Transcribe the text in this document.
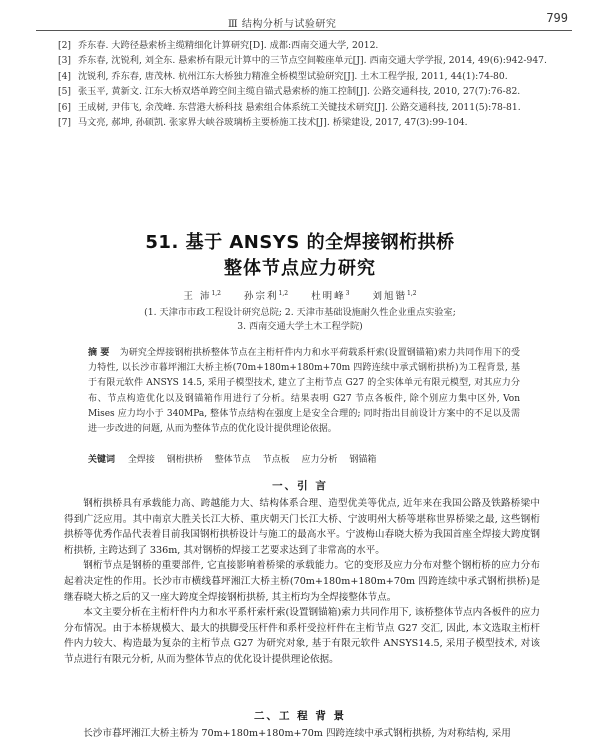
Ⅲ 结构分析与试验研究	799
[2] 乔东春. 大跨径悬索桥主缆精细化计算研究[D]. 成都:西南交通大学, 2012.
[3] 乔东春, 沈锐利, 刘全东. 悬索桥有限元计算中的三节点空间鞍座单元[J]. 西南交通大学学报, 2014, 49(6):942-947.
[4] 沈锐利, 乔东春, 唐茂林. 杭州江东大桥独力精准全桥模型试验研究[J]. 土木工程学报, 2011, 44(1):74-80.
[5] 张玉平, 黄新文. 江东大桥双塔单跨空间主缆自锚式悬索桥的施工控制[J]. 公路交通科技, 2010, 27(7):76-82.
[6] 王成树, 尹伟飞, 余茂峰. 东营港大桥科技 悬索组合体系统工关键技术研究[J]. 公路交通科技, 2011(5):78-81.
[7] 马文亮, 郝坤, 孙硕凯. 张家界大峡谷玻璃桥主要桥施工技术[J]. 桥梁建设, 2017, 47(3):99-104.
51. 基于 ANSYS 的全焊接钢桁拱桥
整体节点应力研究
王 沛$^{1,2}$ 孙宗利$^{1,2}$ 杜明峰$^3$ 刘旭锴$^{1,2}$
(1. 天津市市政工程设计研究总院; 2. 天津市基础设施耐久性企业重点实验室;
3. 西南交通大学土木工程学院)
摘 要 为研究全焊接钢桁拱桥整体节点在主桁杆件内力和水平荷载系杆索(设置钢锚箱)索力共同作用下的受力特性, 以长沙市暮坪湘江大桥主桥(70m+180m+180m+70m 四跨连续中承式钢桁拱桥)为工程背景, 基于有限元软件 ANSYS 14.5, 采用子模型技术, 建立了主桁节点 G27 的全实体单元有限元模型, 对其应力分布、节点构造优化以及钢锚箱作用进行了分析。结果表明 G27 节点各板件, 除个别应力集中区外, Von Mises 应力均小于 340MPa, 整体节点结构在强度上是安全合理的; 同时指出目前设计方案中的不足以及需进一步改进的问题, 从而为整体节点的优化设计提供理论依据。
关键词 全焊接 钢桁拱桥 整体节点 节点板 应力分析 钢锚箱
一、引 言

钢桁拱桥具有承载能力高、跨越能力大、结构体系合理、造型优美等优点, 近年来在我国公路及铁路桥梁中得到广泛应用。其中南京大胜关长江大桥、重庆朝天门长江大桥、宁波明州大桥等堪称世界桥梁之最, 这些钢桁拱桥等优秀作品代表着目前我国钢桁拱桥设计与施工的最高水平。宁波梅山春晓大桥为我国首座全焊接大跨度钢桁拱桥, 主跨达到了 336m, 其对钢桥的焊接工艺要求达到了非常高的水平。

钢桁节点是钢桥的重要部件, 它直接影响着桥梁的承载能力。它的变形及应力分布对整个钢桁桥的应力分布起着决定性的作用。长沙市市横线暮坪湘江大桥主桥(70m+180m+180m+70m 四跨连续中承式钢桁拱桥)是继春晓大桥之后的又一座大跨度全焊接钢桁拱桥, 其主桁均为全焊接整体节点。

本文主要分析在主桁杆件内力和水平系杆索杆索(设置钢锚箱)索力共同作用下, 该桥整体节点内各板件的应力分布情况。由于本桥规模大、最大的拱脚受压杆件和系杆受拉杆件在主桁节点 G27 交汇, 因此, 本文选取主桁杆件内力较大、构造最为复杂的主桁节点 G27 为研究对象, 基于有限元软件 ANSYS14.5, 采用子模型技术, 对该节点进行有限元分析, 从而为整体节点的优化设计提供理论依据。

二、工 程 背 景
长沙市暮坪湘江大桥主桥为 70m+180m+180m+70m 四跨连续中承式钢桁拱桥, 为对称结构, 采用
